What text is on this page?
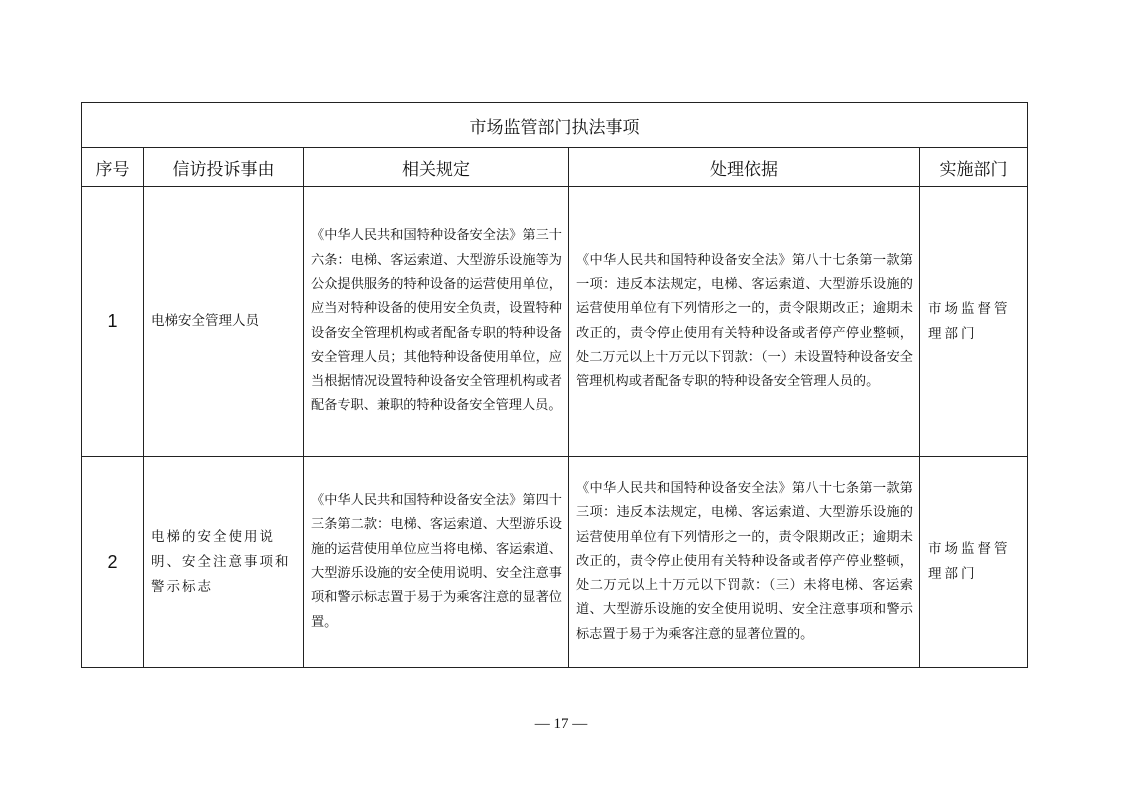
市场监管部门执法事项				
序号	信访投诉事由	相关规定	处理依据	实施部门
1	电梯安全管理人员	《中华人民共和国特种设备安全法》第三十六条：电梯、客运索道、大型游乐设施等为公众提供服务的特种设备的运营使用单位，应当对特种设备的使用安全负责，设置特种设备安全管理机构或者配备专职的特种设备安全管理人员；其他特种设备使用单位，应当根据情况设置特种设备安全管理机构或者配备专职、兼职的特种设备安全管理人员。	《中华人民共和国特种设备安全法》第八十七条第一款第一项：违反本法规定，电梯、客运索道、大型游乐设施的运营使用单位有下列情形之一的，责令限期改正；逾期未改正的，责令停止使用有关特种设备或者停产停业整顿，处二万元以上十万元以下罚款：（一）未设置特种设备安全管理机构或者配备专职的特种设备安全管理人员的。	市场监督管理部门
2	电梯的安全使用说明、安全注意事项和警示标志	《中华人民共和国特种设备安全法》第四十三条第二款：电梯、客运索道、大型游乐设施的运营使用单位应当将电梯、客运索道、大型游乐设施的安全使用说明、安全注意事项和警示标志置于易于为乘客注意的显著位置。	《中华人民共和国特种设备安全法》第八十七条第一款第三项：违反本法规定，电梯、客运索道、大型游乐设施的运营使用单位有下列情形之一的，责令限期改正；逾期未改正的，责令停止使用有关特种设备或者停产停业整顿，处二万元以上十万元以下罚款：（三）未将电梯、客运索道、大型游乐设施的安全使用说明、安全注意事项和警示标志置于易于为乘客注意的显著位置的。	市场监督管理部门
— 17 —
